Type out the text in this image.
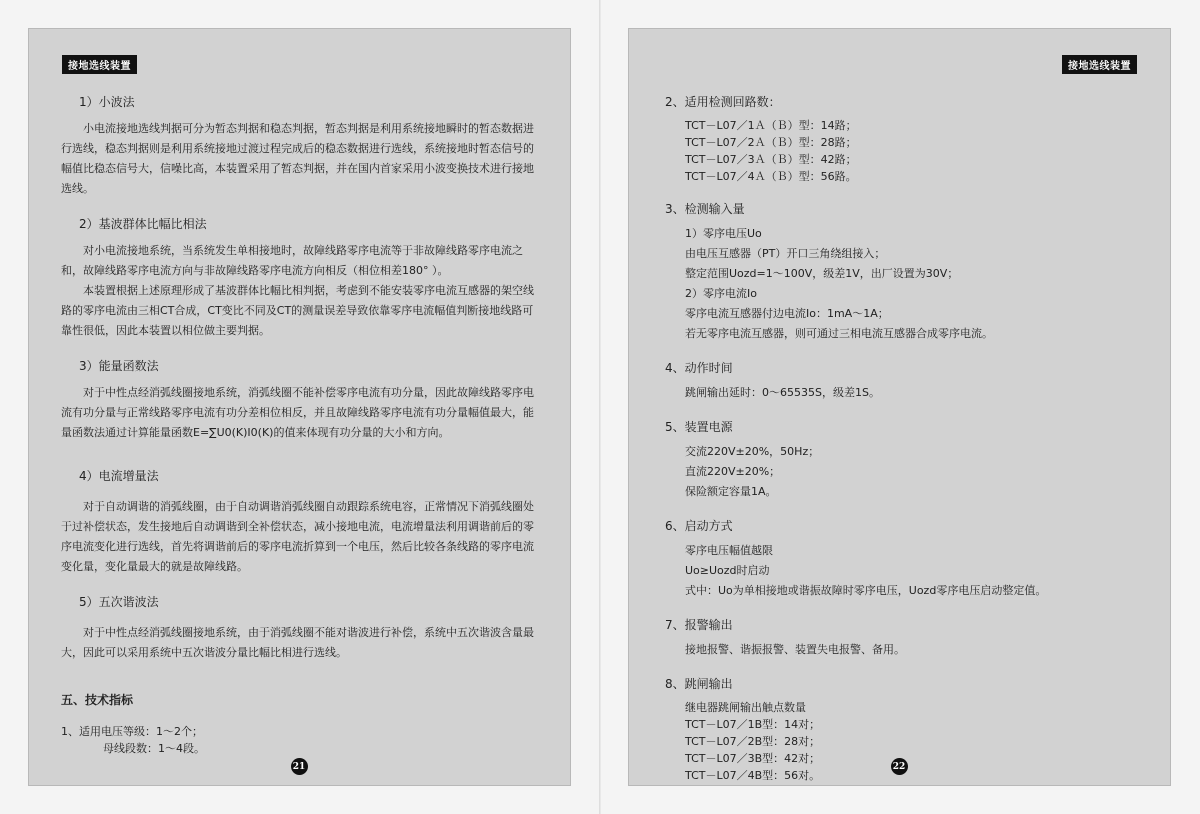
接地选线装置
1）小波法

小电流接地选线判据可分为暂态判据和稳态判据，暂态判据是利用系统接地瞬时的暂态数据进行选线，稳态判据则是利用系统接地过渡过程完成后的稳态数据进行选线，系统接地时暂态信号的幅值比稳态信号大，信噪比高，本装置采用了暂态判据，并在国内首家采用小波变换技术进行接地选线。

2）基波群体比幅比相法

对小电流接地系统，当系统发生单相接地时，故障线路零序电流等于非故障线路零序电流之和，故障线路零序电流方向与非故障线路零序电流方向相反（相位相差180° ）。

本装置根据上述原理形成了基波群体比幅比相判据，考虑到不能安装零序电流互感器的架空线路的零序电流由三相CT合成，CT变比不同及CT的测量误差导致依靠零序电流幅值判断接地线路可靠性很低，因此本装置以相位做主要判据。

3）能量函数法

对于中性点经消弧线圈接地系统，消弧线圈不能补偿零序电流有功分量，因此故障线路零序电流有功分量与正常线路零序电流有功分差相位相反，并且故障线路零序电流有功分量幅值最大，能量函数法通过计算能量函数E=∑U0(K)I0(K)的值来体现有功分量的大小和方向。

4）电流增量法

对于自动调谐的消弧线圈，由于自动调谐消弧线圈自动跟踪系统电容，正常情况下消弧线圈处于过补偿状态，发生接地后自动调谐到全补偿状态，减小接地电流，电流增量法利用调谐前后的零序电流变化进行选线，首先将调谐前后的零序电流折算到一个电压，然后比较各条线路的零序电流变化量，变化量最大的就是故障线路。

5）五次谐波法

对于中性点经消弧线圈接地系统，由于消弧线圈不能对谐波进行补偿，系统中五次谐波含量最大，因此可以采用系统中五次谐波分量比幅比相进行选线。

五、技术指标

1、适用电压等级：1～2个；

母线段数：1～4段。

21
接地选线装置
2、适用检测回路数：

TCT－L07／1Ａ（Ｂ）型：14路；

TCT－L07／2Ａ（Ｂ）型：28路；

TCT－L07／3Ａ（Ｂ）型：42路；

TCT－L07／4Ａ（Ｂ）型：56路。

3、检测输入量

1）零序电压Uo

由电压互感器（PT）开口三角绕组接入；

整定范围Uozd=1～100V，级差1V，出厂设置为30V；

2）零序电流Io

零序电流互感器付边电流Io：1mA～1A；

若无零序电流互感器，则可通过三相电流互感器合成零序电流。

4、动作时间

跳闸输出延时：0～65535S，级差1S。

5、装置电源

交流220V±20%，50Hz；

直流220V±20%；

保险额定容量1A。

6、启动方式

零序电压幅值越限

Uo≥Uozd时启动

式中：Uo为单相接地或谐振故障时零序电压，Uozd零序电压启动整定值。

7、报警输出

接地报警、谐振报警、装置失电报警、备用。

8、跳闸输出

继电器跳闸输出触点数量

TCT－L07／1B型：14对；

TCT－L07／2B型：28对；

TCT－L07／3B型：42对；

TCT－L07／4B型：56对。

22
